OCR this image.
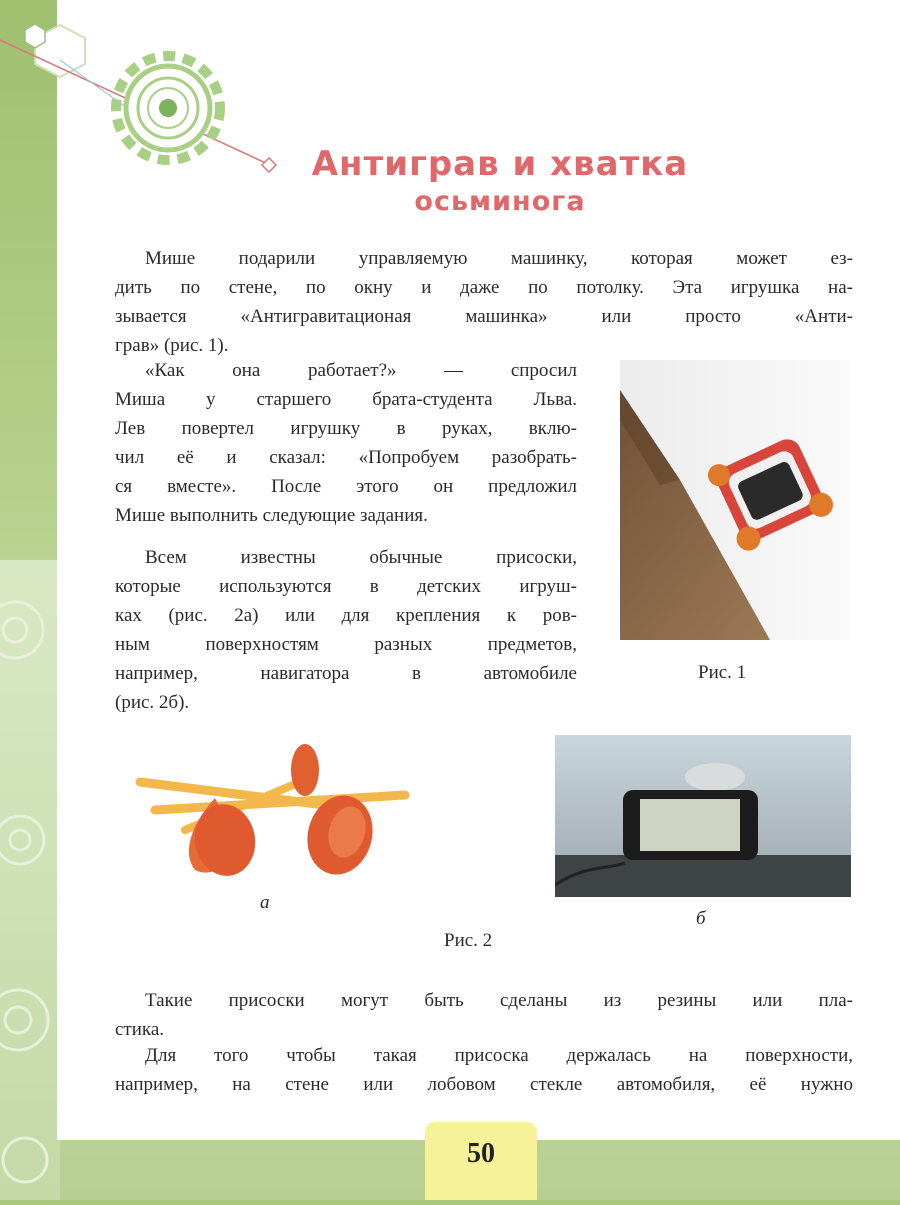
Антиграв и хватка
осьминога

Мише подарили управляемую машинку, которая может ез-
дить по стене, по окну и даже по потолку. Эта игрушка на-
зывается «Антигравитационая машинка» или просто «Анти-
грав» (рис. 1).

«Как она работает?» — спросил
Миша у старшего брата-студента Льва.
Лев повертел игрушку в руках, вклю-
чил её и сказал: «Попробуем разобрать-
ся вместе». После этого он предложил
Мише выполнить следующие задания.

Всем известны обычные присоски,
которые используются в детских игруш-
ках (рис. 2а) или для крепления к ров-
ным поверхностям разных предметов,
например, навигатора в автомобиле
(рис. 2б).

Рис. 1
а
б
Рис. 2

Такие присоски могут быть сделаны из резины или пла-
стика.

Для того чтобы такая присоска держалась на поверхности,
например, на стене или лобовом стекле автомобиля, её нужно

50
